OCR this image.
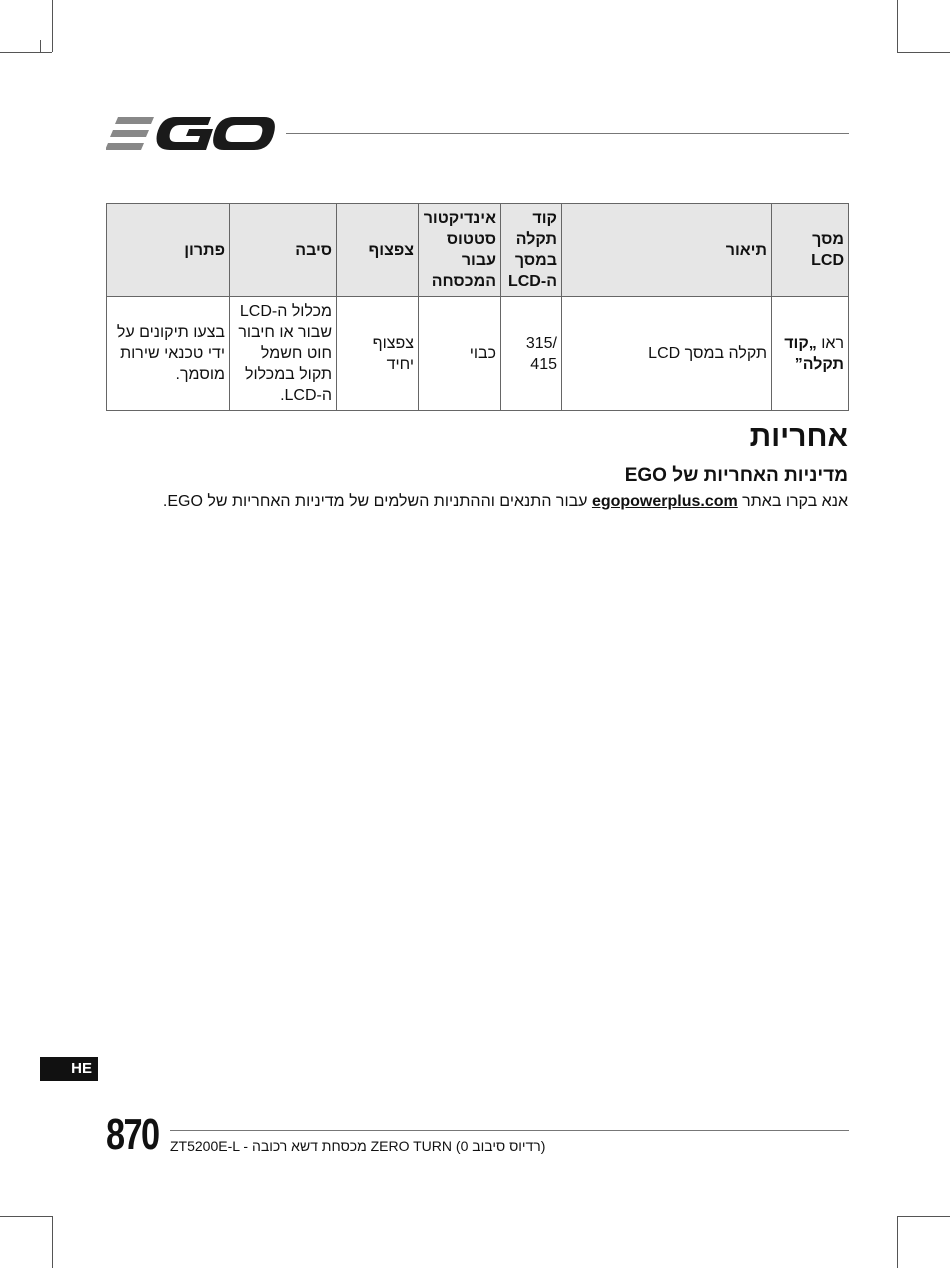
EGO
מסך LCD	תיאור	קוד תקלה במסך ה-LCD	אינדיקטור סטטוס עבור המכסחה	צפצוף	סיבה	פתרון
ראו „קוד תקלה”	תקלה במסך LCD	/315 415	כבוי	צפצוף יחיד	מכלול ה-LCD שבור או חיבור חוט חשמל תקול במכלול ה-LCD.	בצעו תיקונים על ידי טכנאי שירות מוסמך.
אחריות
מדיניות האחריות של EGO

אנא בקרו באתר egopowerplus.com עבור התנאים וההתניות השלמים של מדיניות האחריות של EGO.

HE
870 ZT5200E-L - מכסחת דשא רכובה ZERO TURN (רדיוס סיבוב 0)
